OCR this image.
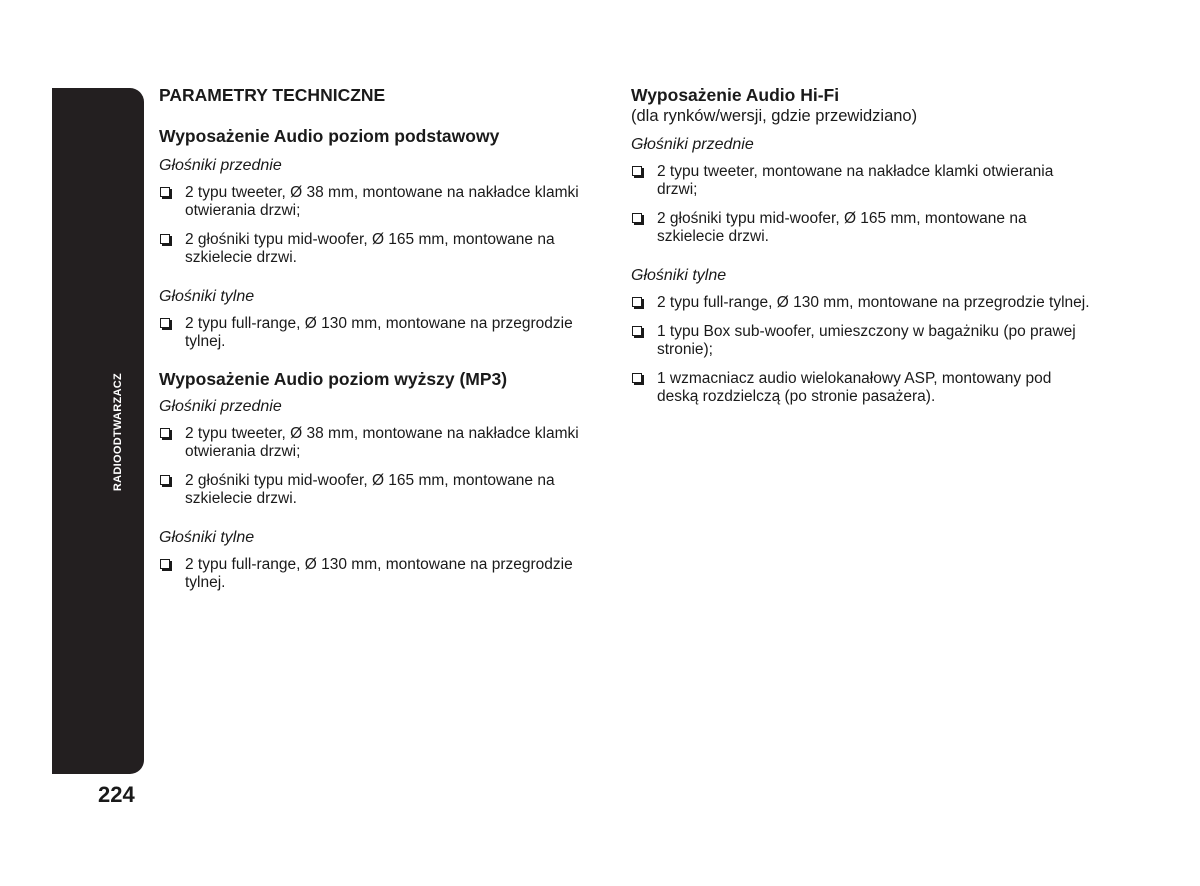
RADIOODTWARZACZ
224
PARAMETRY TECHNICZNE
Wyposażenie Audio poziom podstawowy

Głośniki przednie

2 typu tweeter, Ø 38 mm, montowane na nakładce klamki otwierania drzwi;
2 głośniki typu mid-woofer, Ø 165 mm, montowane na szkielecie drzwi.

Głośniki tylne

2 typu full-range, Ø 130 mm, montowane na przegrodzie tylnej.
Wyposażenie Audio poziom wyższy (MP3)

Głośniki przednie

2 typu tweeter, Ø 38 mm, montowane na nakładce klamki otwierania drzwi;
2 głośniki typu mid-woofer, Ø 165 mm, montowane na szkielecie drzwi.

Głośniki tylne

2 typu full-range, Ø 130 mm, montowane na przegrodzie tylnej.
Wyposażenie Audio Hi-Fi

(dla rynków/wersji, gdzie przewidziano)

Głośniki przednie

2 typu tweeter, montowane na nakładce klamki otwierania drzwi;
2 głośniki typu mid-woofer, Ø 165 mm, montowane na szkielecie drzwi.

Głośniki tylne

2 typu full-range, Ø 130 mm, montowane na przegrodzie tylnej.
1 typu Box sub-woofer, umieszczony w bagażniku (po prawej stronie);
1 wzmacniacz audio wielokanałowy ASP, montowany pod deską rozdzielczą (po stronie pasażera).
